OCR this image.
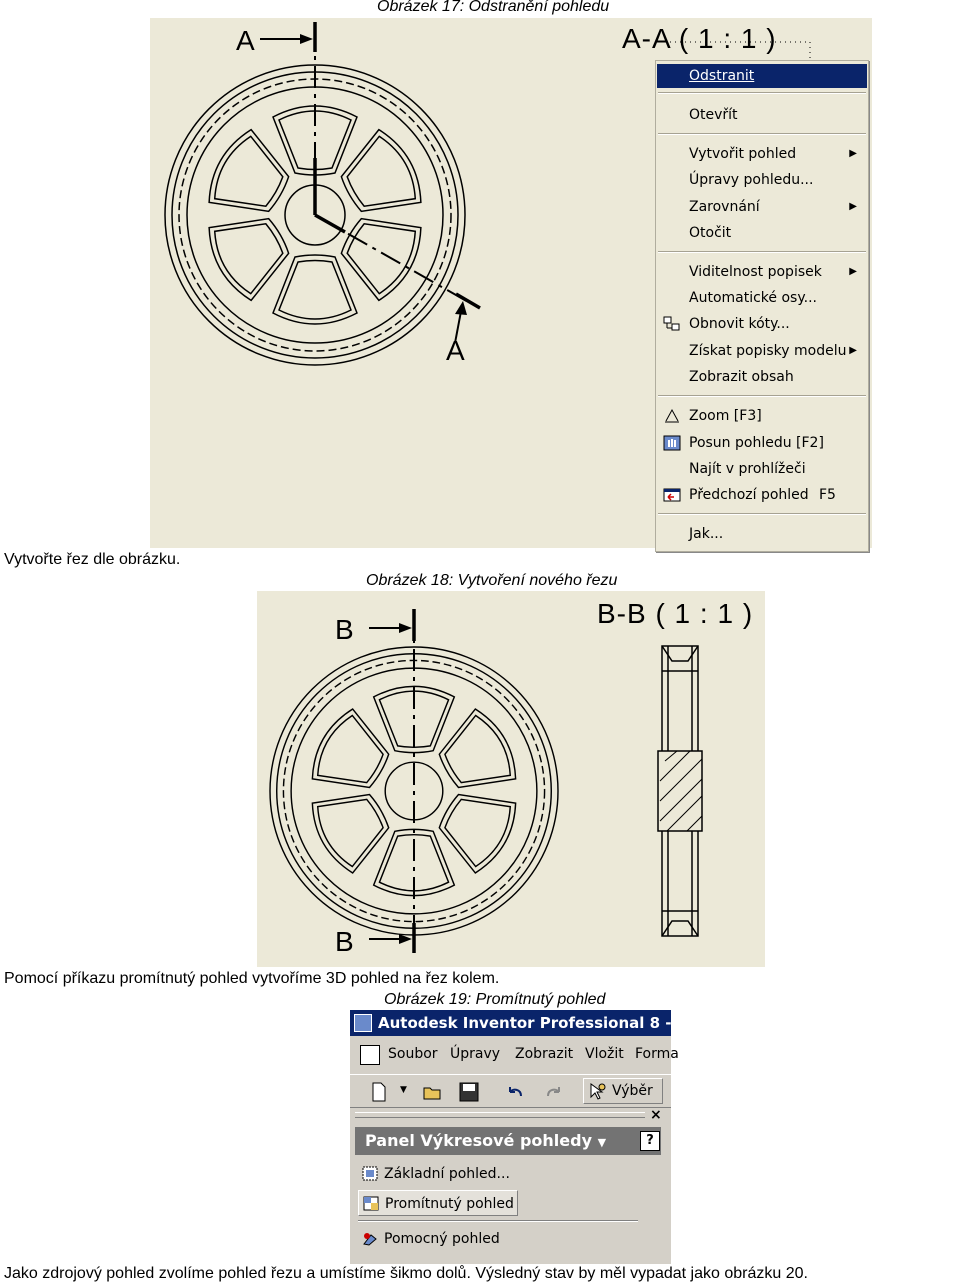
Obrázek 17: Odstranění pohledu
A
A
A-A ( 1 : 1 )
Odstranit
Otevřít
Vytvořit pohled	▶
Úpravy pohledu...
Zarovnání	▶
Otočit
Viditelnost popisek	▶
Automatické osy...
Obnovit kóty...
Získat popisky modelu ▶
Zobrazit obsah
Zoom [F3]
Posun pohledu [F2]
Najít v prohlížeči
Předchozí pohled F5
Jak...
Vytvořte řez dle obrázku.
Obrázek 18: Vytvoření nového řezu
B
B
B-B ( 1 : 1 )
Pomocí příkazu promítnutý pohled vytvoříme 3D pohled na řez kolem.
Obrázek 19: Promítnutý pohled
Autodesk Inventor Professional 8 - [re
Soubor Úpravy Zobrazit Vložit Forma
▼	Výběr
×
Panel Výkresové pohledy ▼	?
Základní pohled...
Promítnutý pohled
Pomocný pohled
Jako zdrojový pohled zvolíme pohled řezu a umístíme šikmo dolů. Výsledný stav by měl vypadat jako obrázku 20.
